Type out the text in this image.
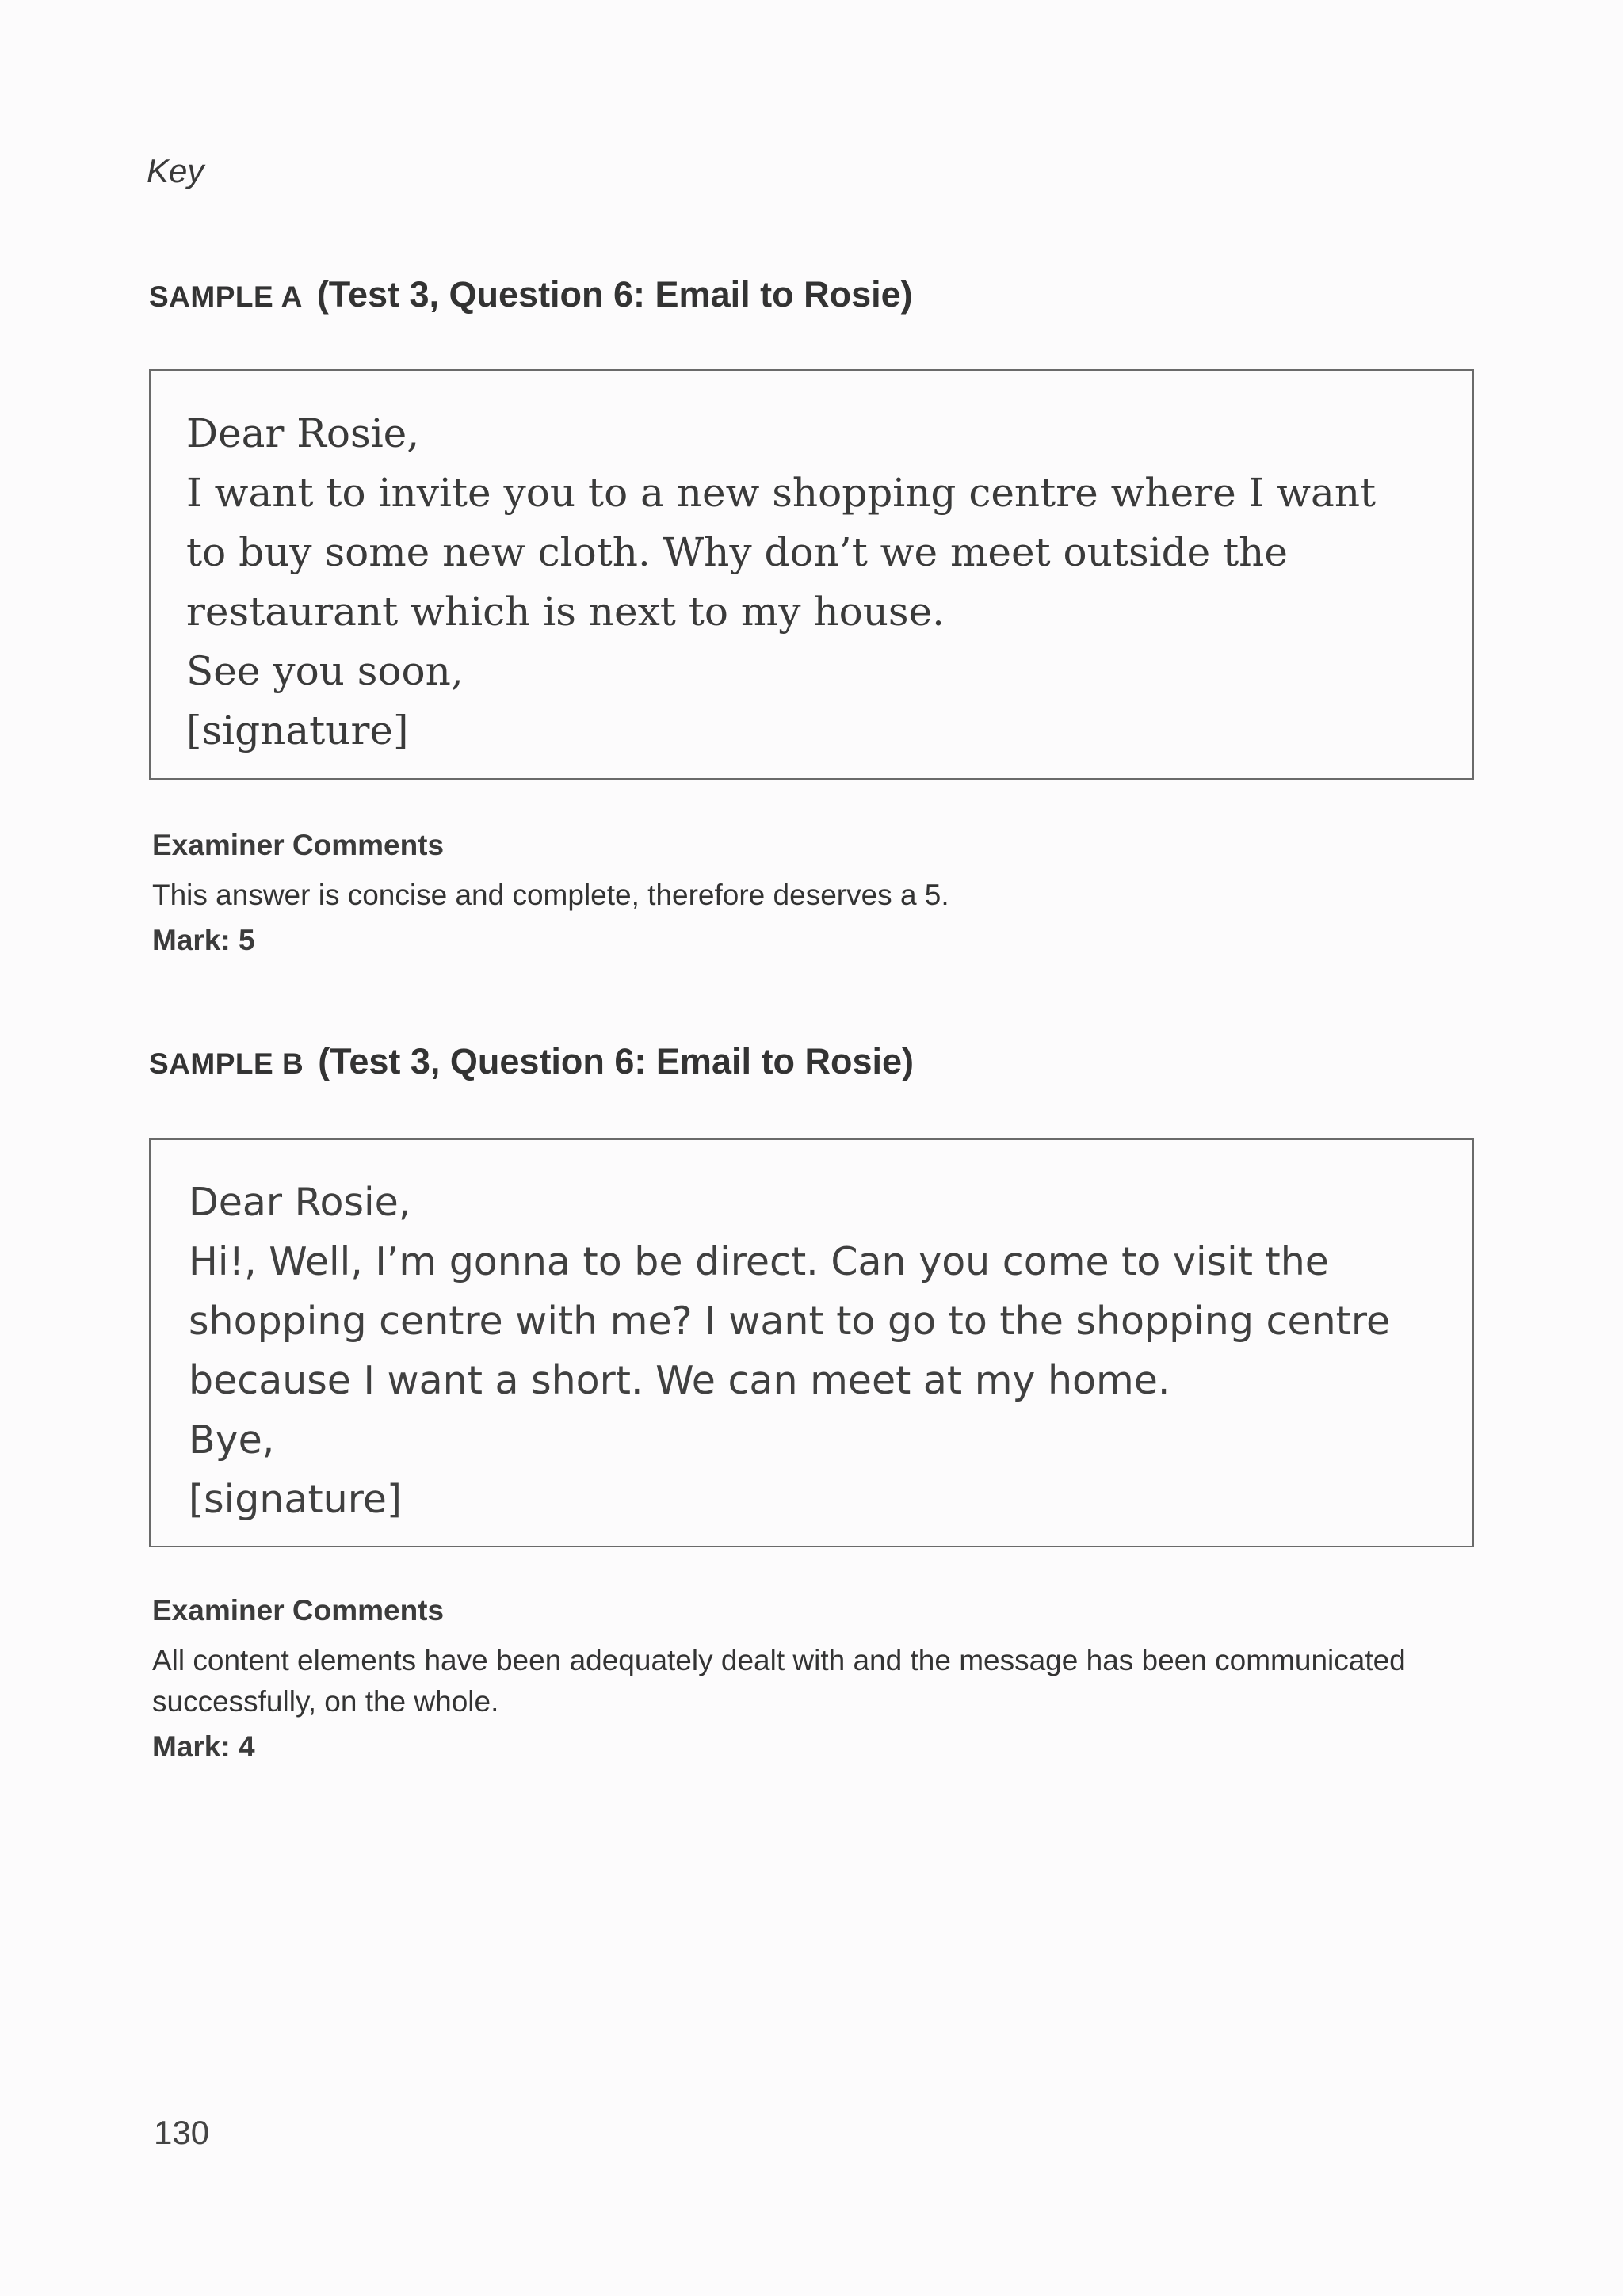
Key
SAMPLE A (Test 3, Question 6: Email to Rosie)
Dear Rosie,
I want to invite you to a new shopping centre where I want
to buy some new cloth. Why don’t we meet outside the
restaurant which is next to my house.
See you soon,
[signature]
Examiner Comments
This answer is concise and complete, therefore deserves a 5.
Mark: 5
SAMPLE B (Test 3, Question 6: Email to Rosie)
Dear Rosie,
Hi!, Well, I’m gonna to be direct. Can you come to visit the
shopping centre with me? I want to go to the shopping centre
because I want a short. We can meet at my home.
Bye,
[signature]
Examiner Comments
All content elements have been adequately dealt with and the message has been communicated successfully, on the whole.
Mark: 4
130
